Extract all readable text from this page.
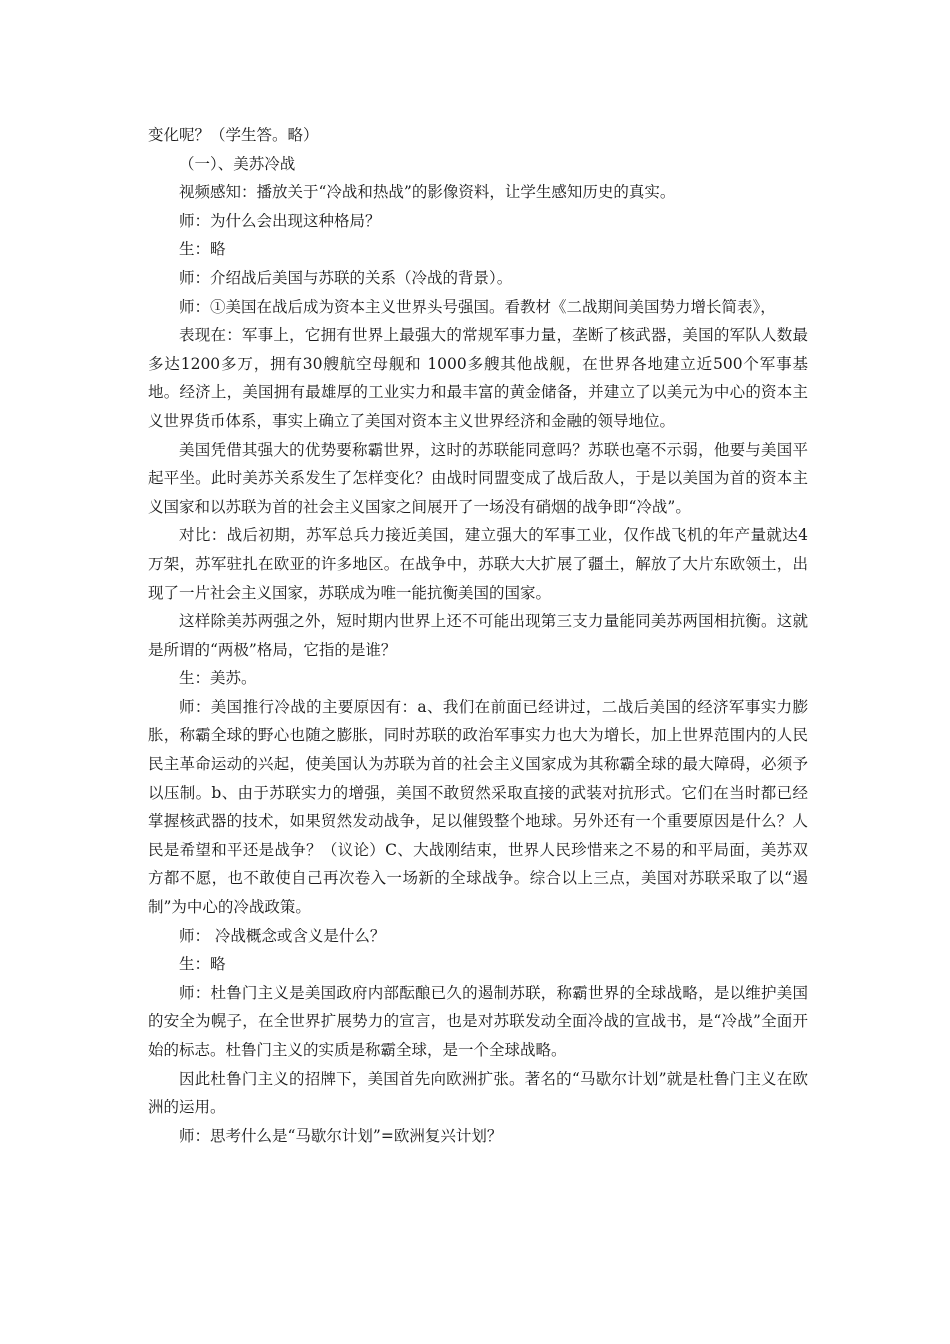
变化呢？（学生答。略）

（一）、美苏冷战

视频感知：播放关于“冷战和热战”的影像资料，让学生感知历史的真实。

师：为什么会出现这种格局？

生：略

师：介绍战后美国与苏联的关系（冷战的背景）。

师：①美国在战后成为资本主义世界头号强国。看教材《二战期间美国势力增长简表》，

表现在：军事上，它拥有世界上最强大的常规军事力量，垄断了核武器，美国的军队人数最多达1200多万，拥有30艘航空母舰和 1000多艘其他战舰，在世界各地建立近500个军事基地。经济上，美国拥有最雄厚的工业实力和最丰富的黄金储备，并建立了以美元为中心的资本主义世界货币体系，事实上确立了美国对资本主义世界经济和金融的领导地位。

美国凭借其强大的优势要称霸世界，这时的苏联能同意吗？苏联也毫不示弱，他要与美国平起平坐。此时美苏关系发生了怎样变化？由战时同盟变成了战后敌人，于是以美国为首的资本主义国家和以苏联为首的社会主义国家之间展开了一场没有硝烟的战争即“冷战”。

对比：战后初期，苏军总兵力接近美国，建立强大的军事工业，仅作战飞机的年产量就达4万架，苏军驻扎在欧亚的许多地区。在战争中，苏联大大扩展了疆土，解放了大片东欧领土，出现了一片社会主义国家，苏联成为唯一能抗衡美国的国家。

这样除美苏两强之外，短时期内世界上还不可能出现第三支力量能同美苏两国相抗衡。这就是所谓的“两极”格局，它指的是谁？

生：美苏。

师：美国推行冷战的主要原因有：a、我们在前面已经讲过，二战后美国的经济军事实力膨胀，称霸全球的野心也随之膨胀，同时苏联的政治军事实力也大为增长，加上世界范围内的人民民主革命运动的兴起，使美国认为苏联为首的社会主义国家成为其称霸全球的最大障碍，必须予以压制。b、由于苏联实力的增强，美国不敢贸然采取直接的武装对抗形式。它们在当时都已经掌握核武器的技术，如果贸然发动战争，足以催毁整个地球。另外还有一个重要原因是什么？人民是希望和平还是战争？（议论）C、大战刚结束，世界人民珍惜来之不易的和平局面，美苏双方都不愿，也不敢使自己再次卷入一场新的全球战争。综合以上三点，美国对苏联采取了以“遏制”为中心的冷战政策。

师： 冷战概念或含义是什么？

生：略

师：杜鲁门主义是美国政府内部酝酿已久的遏制苏联，称霸世界的全球战略，是以维护美国的安全为幌子，在全世界扩展势力的宣言，也是对苏联发动全面冷战的宣战书，是“冷战”全面开始的标志。杜鲁门主义的实质是称霸全球，是一个全球战略。

因此杜鲁门主义的招牌下，美国首先向欧洲扩张。著名的“马歇尔计划”就是杜鲁门主义在欧洲的运用。

师：思考什么是“马歇尔计划”=欧洲复兴计划？
